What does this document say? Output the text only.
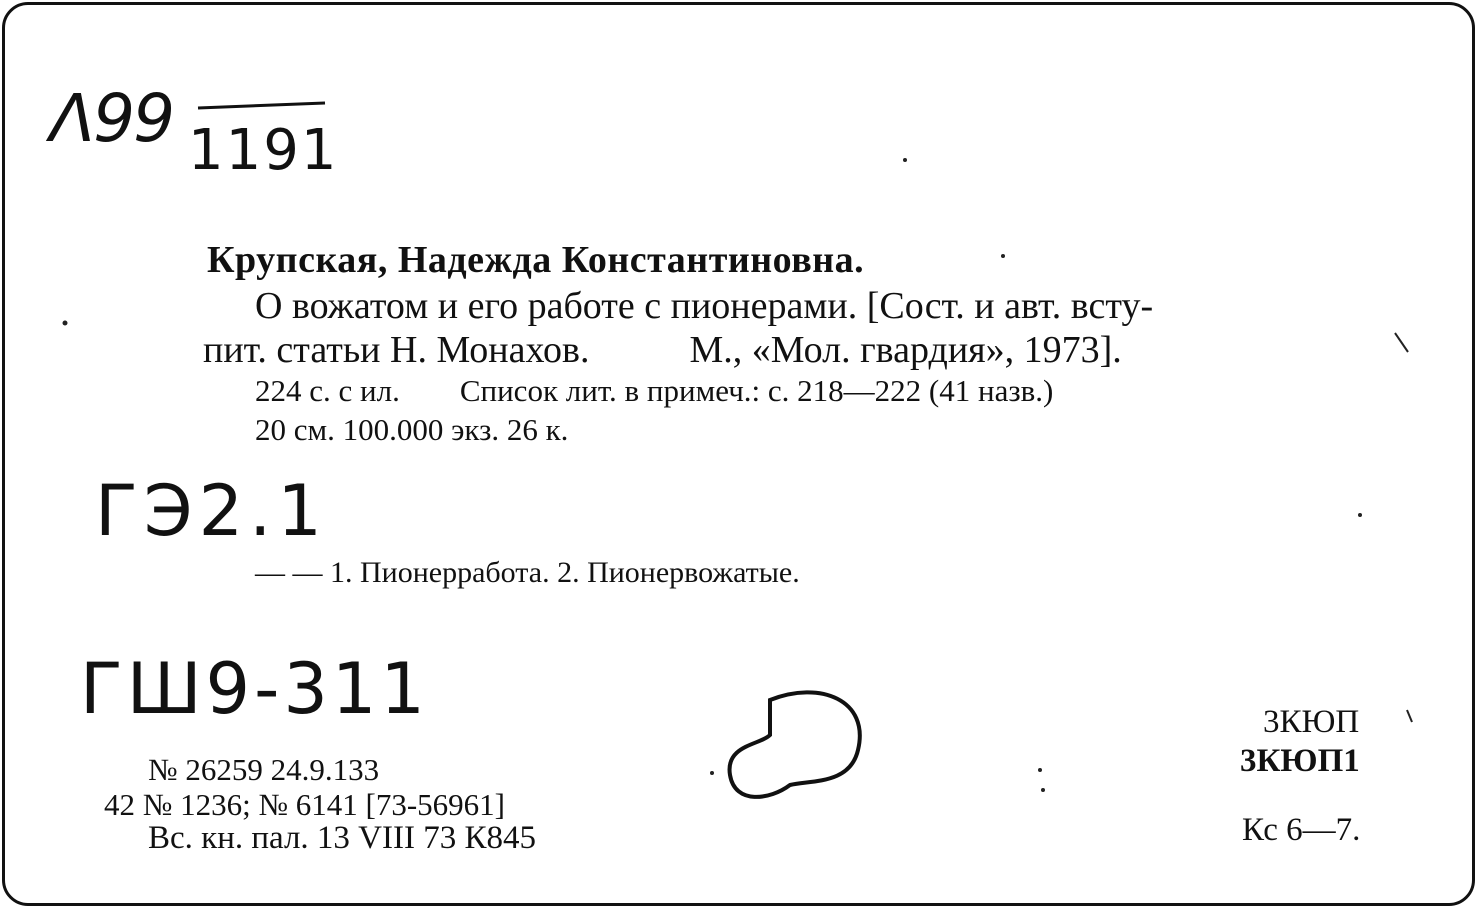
Λ99 1191
Крупская, Надежда Константиновна.
О вожатом и его работе с пионерами. [Сост. и авт. всту-
пит. статьи Н. Монахов.	М., «Мол. гвардия», 1973].
224 с. с ил. Список лит. в примеч.: с. 218—222 (41 назв.)
20 см. 100.000 экз. 26 к.
ГЭ2.1
— — 1. Пионерработа. 2. Пионервожатые.
ГШ9-311
№ 26259 24.9.133
42 № 1236; № 6141 [73-56961]
Вс. кн. пал. 13 VIII 73 К845
3КЮП
3КЮП1
Кс 6—7.
